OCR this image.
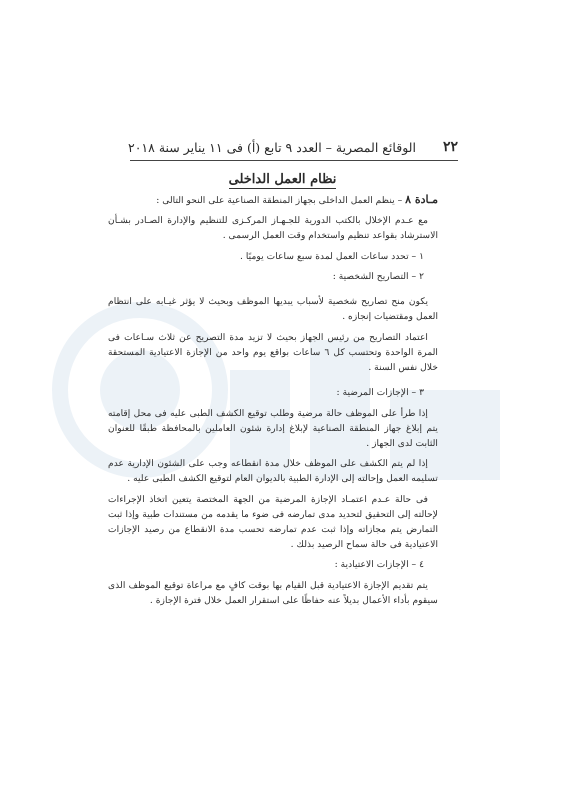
٢٢
الوقائع المصرية – العدد ٩ تابع (أ) فى ١١ يناير سنة ٢٠١٨
نظام العمل الداخلى

مـادة ٨ – ينظم العمل الداخلى بجهاز المنطقة الصناعية على النحو التالى :

مع عـدم الإخلال بالكتب الدورية للجـهـاز المركـزى للتنظيم والإدارة الصـادر بشـأن الاسترشاد بقواعد تنظيم واستخدام وقت العمل الرسمى .

١ – تحدد ساعات العمل لمدة سبع ساعات يوميًا .

٢ – التصاريح الشخصية :

يكون منح تصاريح شخصية لأسباب يبديها الموظف وبحيث لا يؤثر غيـابه على انتظام العمل ومقتضيات إنجازه .

اعتماد التصاريح من رئيس الجهاز بحيث لا تزيد مدة التصريح عن ثلاث سـاعات فى المرة الواحدة وتحتسب كل ٦ ساعات بواقع يوم واحد من الإجازة الاعتيادية المستحقة خلال نفس السنة .

٣ – الإجازات المرضية :

إذا طرأ على الموظف حالة مرضية وطلب توقيع الكشف الطبى عليه فى محل إقامته يتم إبلاغ جهاز المنطقة الصناعية لإبلاغ إدارة شئون العاملين بالمحافظة طبقًا للعنوان الثابت لدى الجهاز .

إذا لم يتم الكشف على الموظف خلال مدة انقطاعه وجب على الشئون الإدارية عدم تسليمه العمل وإحالته إلى الإدارة الطبية بالديوان العام لتوقيع الكشف الطبى عليه .

فى حالة عـدم اعتمـاد الإجازة المرضية من الجهة المختصة يتعين اتخاذ الإجراءات لإحالته إلى التحقيق لتحديد مدى تمارضه فى ضوء ما يقدمه من مستندات طبية وإذا ثبت التمارض يتم مجازاته وإذا ثبت عدم تمارضه تحسب مدة الانقطاع من رصيد الإجازات الاعتيادية فى حالة سماح الرصيد بذلك .

٤ – الإجازات الاعتيادية :

يتم تقديم الإجازة الاعتيادية قبل القيام بها بوقت كافٍ مع مراعاة توقيع الموظف الذى سيقوم بأداء الأعمال بديلاً عنه حفاظًا على استقرار العمل خلال فترة الإجازة .
